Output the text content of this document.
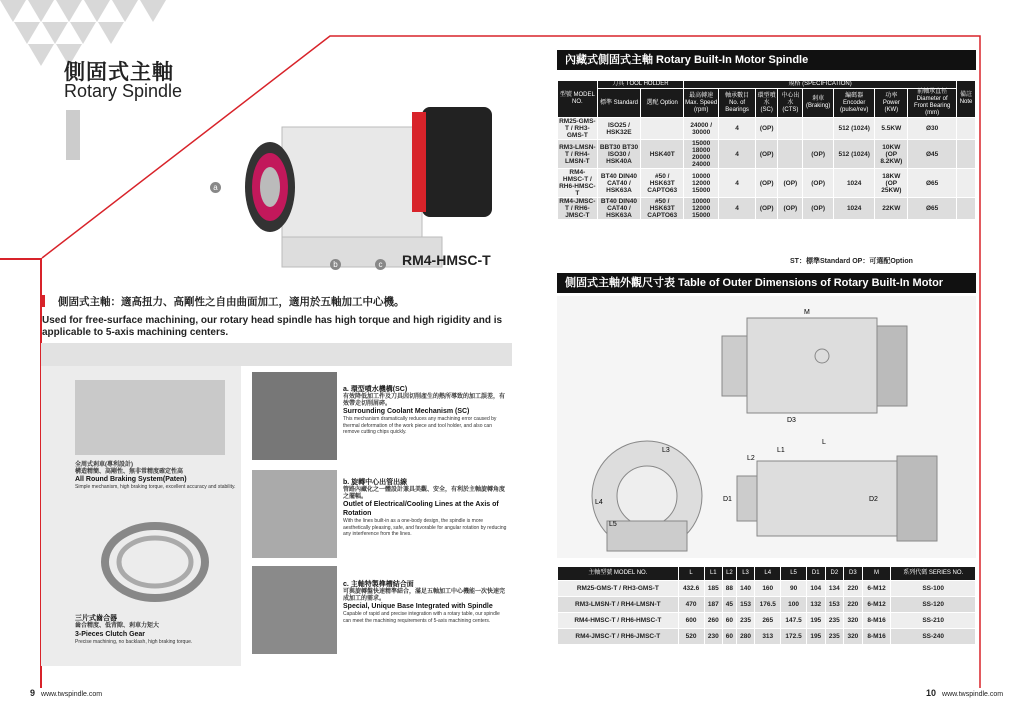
側固式主軸
Rotary Spindle
a
b	c RM4-HMSC-T
側固式主軸：適高扭力、高剛性之自由曲面加工，適用於五軸加工中心機。
Used for free-surface machining, our rotary head spindle has high torque and high rigidity and is applicable to 5-axis machining centers.
全周式剎車(專利設計)
構造精簡、高剛性、無非常精度確定性高
All Round Braking System(Paten)
Simple mechanism, high braking torque, excellent accuracy and stability.
三片式齒合器
齒合精度、低背隙、剎車力矩大
3-Pieces Clutch Gear
Precise machining, no backlash, high braking torque.
a. 環型噴水機構(SC)
有效降低加工件及刀具因切削產生的熱所導致的加工誤差，有效帶走切削屑碎。
Surrounding Coolant Mechanism (SC)
This mechanism dramatically reduces any machining error caused by thermal deformation of the work piece and tool holder, and also can remove cutting chips quickly.
b. 旋轉中心出管出線
管路內藏化之一體設計兼具美觀、安全，有利於主軸旋轉角度之擺幅。
Outlet of Electrical/Cooling Lines at the Axis of Rotation
With the lines built-in as a one-body design, the spindle is more aesthetically pleasing, safe, and favorable for angular rotation by reducing any interference from the lines.
c. 主軸特製榫槽結合面
可與旋轉盤快速精準結合，滿足五軸加工中心機能一次快速完成加工的需求。
Special, Unique Base Integrated with Spindle
Capable of rapid and precise integration with a rotary table, our spindle can meet the machining requirements of 5-axis machining centers.
9 www.twspindle.com
內藏式側固式主軸 Rotary Built-In Motor Spindle
型號 MODEL NO.	刀具 TOOL HOLDER		規格 (SPECIFICATION)								備註 Note
	標準 Standard	選配 Option	最高轉速 Max. Speed (rpm)	軸承數目 No. of Bearings	環型噴水 (SC)	中心出水 (CTS)	剎車 (Braking)	編碼器 Encoder (pulse/rev)	功率 Power (KW)	前軸承直徑 Diameter of Front Bearing (mm)	
RM25-GMS-T / RH3-GMS-T	ISO25 / HSK32E		24000 / 30000	4	(OP)			512 (1024)	5.5KW	Ø30	
RM3-LMSN-T / RH4-LMSN-T	BBT30 BT30 ISO30 / HSK40A	HSK40T	15000 18000 20000 24000	4	(OP)		(OP)	512 (1024)	10KW (OP 8.2KW)	Ø45	
RM4-HMSC-T / RH6-HMSC-T	BT40 DIN40 CAT40 / HSK63A	#50 / HSK63T CAPTO63	10000 12000 15000	4	(OP)	(OP)	(OP)	1024	18KW (OP 25KW)	Ø65	
RM4-JMSC-T / RH6-JMSC-T	BT40 DIN40 CAT40 / HSK63A	#50 / HSK63T CAPTO63	10000 12000 15000	4	(OP)	(OP)	(OP)	1024	22KW	Ø65	
ST：標準Standard OP：可選配Option
側固式主軸外觀尺寸表 Table of Outer Dimensions of Rotary Built-In Motor Spindle
M
L
L1
L2
L3
L4
L5
D1	D2
D3
主軸型號 MODEL NO.	L	L1	L2	L3	L4	L5	D1	D2	D3	M	系列代碼 SERIES NO.
RM25-GMS-T / RH3-GMS-T	432.6	185	88	140	160	90	104	134	220	6-M12	SS-100
RM3-LMSN-T / RH4-LMSN-T	470	187	45	153	176.5	100	132	153	220	6-M12	SS-120
RM4-HMSC-T / RH6-HMSC-T	600	260	60	235	265	147.5	195	235	320	8-M16	SS-210
RM4-JMSC-T / RH6-JMSC-T	520	230	60	280	313	172.5	195	235	320	8-M16	SS-240
10 www.twspindle.com
